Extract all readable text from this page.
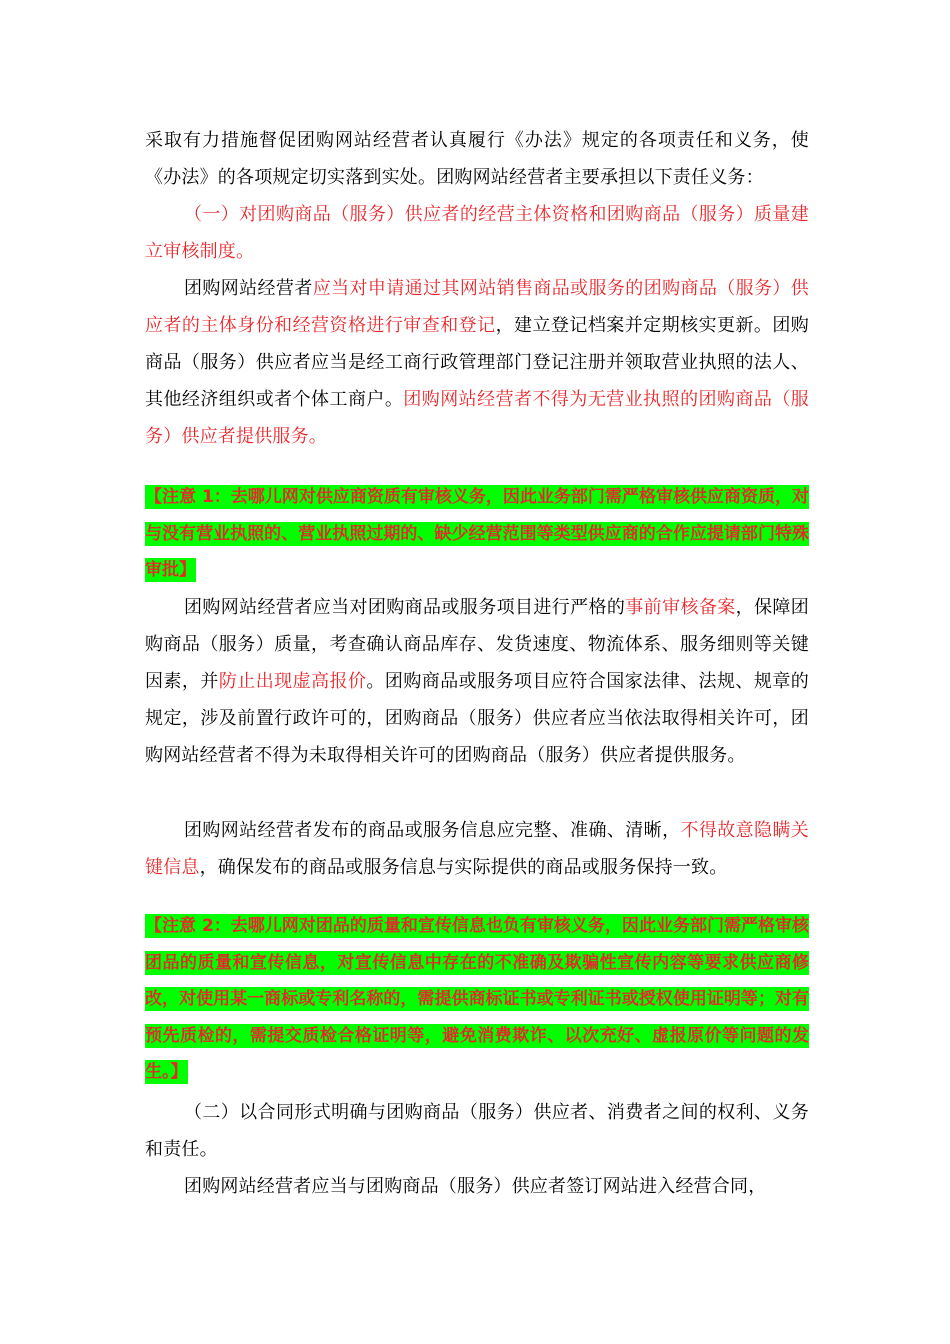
采取有力措施督促团购网站经营者认真履行《办法》规定的各项责任和义务，使《办法》的各项规定切实落到实处。团购网站经营者主要承担以下责任义务：

（一）对团购商品（服务）供应者的经营主体资格和团购商品（服务）质量建立审核制度。

团购网站经营者应当对申请通过其网站销售商品或服务的团购商品（服务）供应者的主体身份和经营资格进行审查和登记，建立登记档案并定期核实更新。团购商品（服务）供应者应当是经工商行政管理部门登记注册并领取营业执照的法人、其他经济组织或者个体工商户。团购网站经营者不得为无营业执照的团购商品（服务）供应者提供服务。

【注意 1：去哪儿网对供应商资质有审核义务，因此业务部门需严格审核供应商资质，对与没有营业执照的、营业执照过期的、缺少经营范围等类型供应商的合作应提请部门特殊审批】

团购网站经营者应当对团购商品或服务项目进行严格的事前审核备案，保障团购商品（服务）质量，考查确认商品库存、发货速度、物流体系、服务细则等关键因素，并防止出现虚高报价。团购商品或服务项目应符合国家法律、法规、规章的规定，涉及前置行政许可的，团购商品（服务）供应者应当依法取得相关许可，团购网站经营者不得为未取得相关许可的团购商品（服务）供应者提供服务。

团购网站经营者发布的商品或服务信息应完整、准确、清晰，不得故意隐瞒关键信息，确保发布的商品或服务信息与实际提供的商品或服务保持一致。

【注意 2：去哪儿网对团品的质量和宣传信息也负有审核义务，因此业务部门需严格审核团品的质量和宣传信息，对宣传信息中存在的不准确及欺骗性宣传内容等要求供应商修改，对使用某一商标或专利名称的，需提供商标证书或专利证书或授权使用证明等；对有预先质检的，需提交质检合格证明等，避免消费欺诈、以次充好、虚报原价等问题的发生。】

（二）以合同形式明确与团购商品（服务）供应者、消费者之间的权利、义务和责任。

团购网站经营者应当与团购商品（服务）供应者签订网站进入经营合同，
